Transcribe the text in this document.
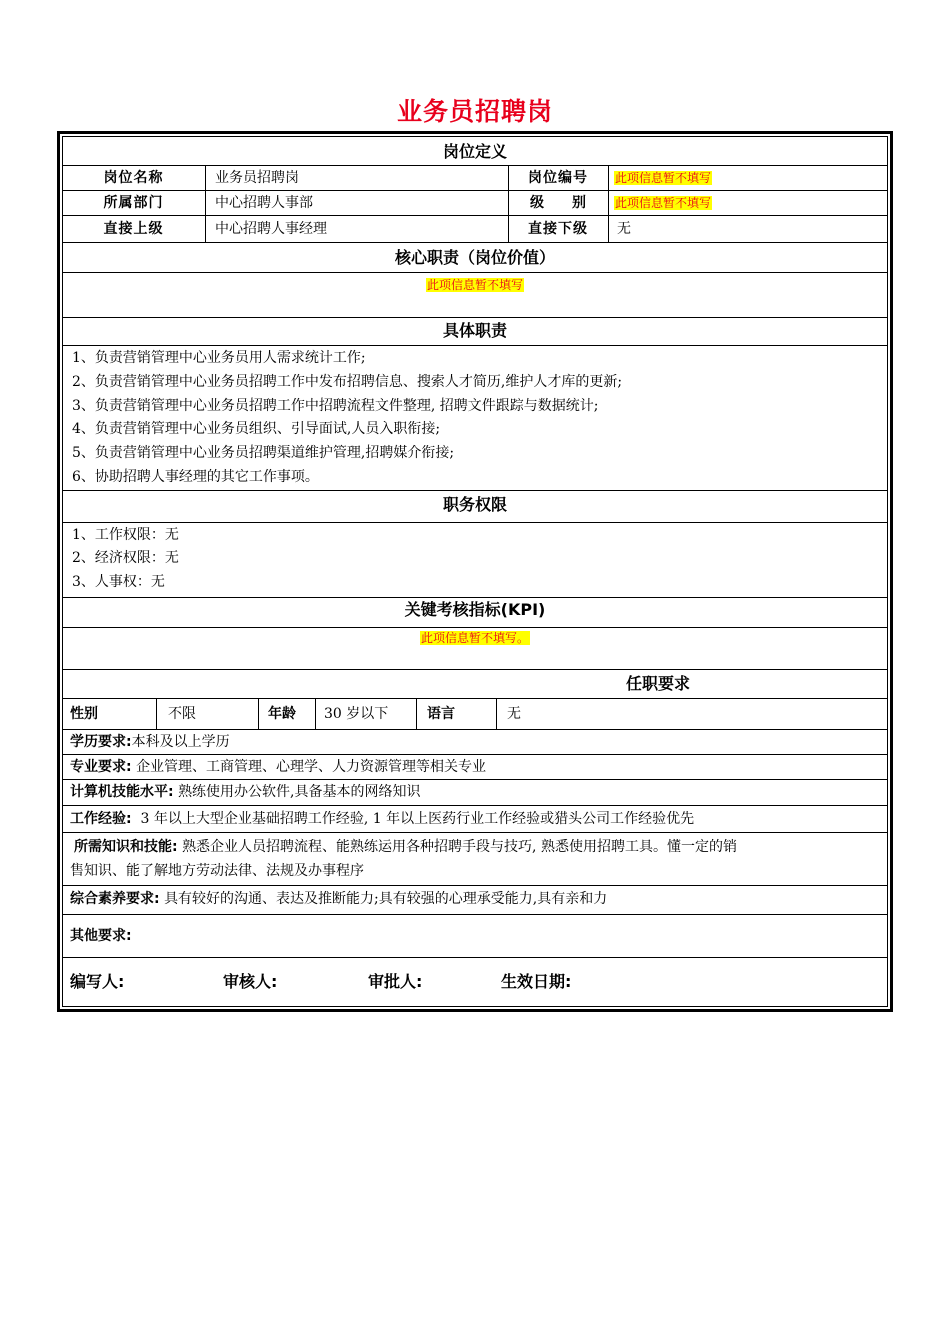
业务员招聘岗
岗位定义
岗位名称	业务员招聘岗	岗位编号	此项信息暂不填写
所属部门	中心招聘人事部	级　　别	此项信息暂不填写
直接上级	中心招聘人事经理	直接下级	无
核心职责（岗位价值）
此项信息暂不填写
具体职责
1、负责营销管理中心业务员用人需求统计工作;
2、负责营销管理中心业务员招聘工作中发布招聘信息、搜索人才简历,维护人才库的更新;
3、负责营销管理中心业务员招聘工作中招聘流程文件整理, 招聘文件跟踪与数据统计;
4、负责营销管理中心业务员组织、引导面试,人员入职衔接;
5、负责营销管理中心业务员招聘渠道维护管理,招聘媒介衔接;
6、协助招聘人事经理的其它工作事项。
职务权限
1、工作权限：无
2、经济权限：无
3、人事权：无
关键考核指标(KPI)
此项信息暂不填写。
任职要求
性别	不限	年龄 30 岁以下	语言	无
学历要求:本科及以上学历
专业要求: 企业管理、工商管理、心理学、人力资源管理等相关专业
计算机技能水平: 熟练使用办公软件,具备基本的网络知识
工作经验: 3 年以上大型企业基础招聘工作经验, 1 年以上医药行业工作经验或猎头公司工作经验优先
所需知识和技能: 熟悉企业人员招聘流程、能熟练运用各种招聘手段与技巧, 熟悉使用招聘工具。懂一定的销
售知识、能了解地方劳动法律、法规及办事程序
综合素养要求: 具有较好的沟通、表达及推断能力;具有较强的心理承受能力,具有亲和力
其他要求:
编写人:	审核人:	审批人:	生效日期:
